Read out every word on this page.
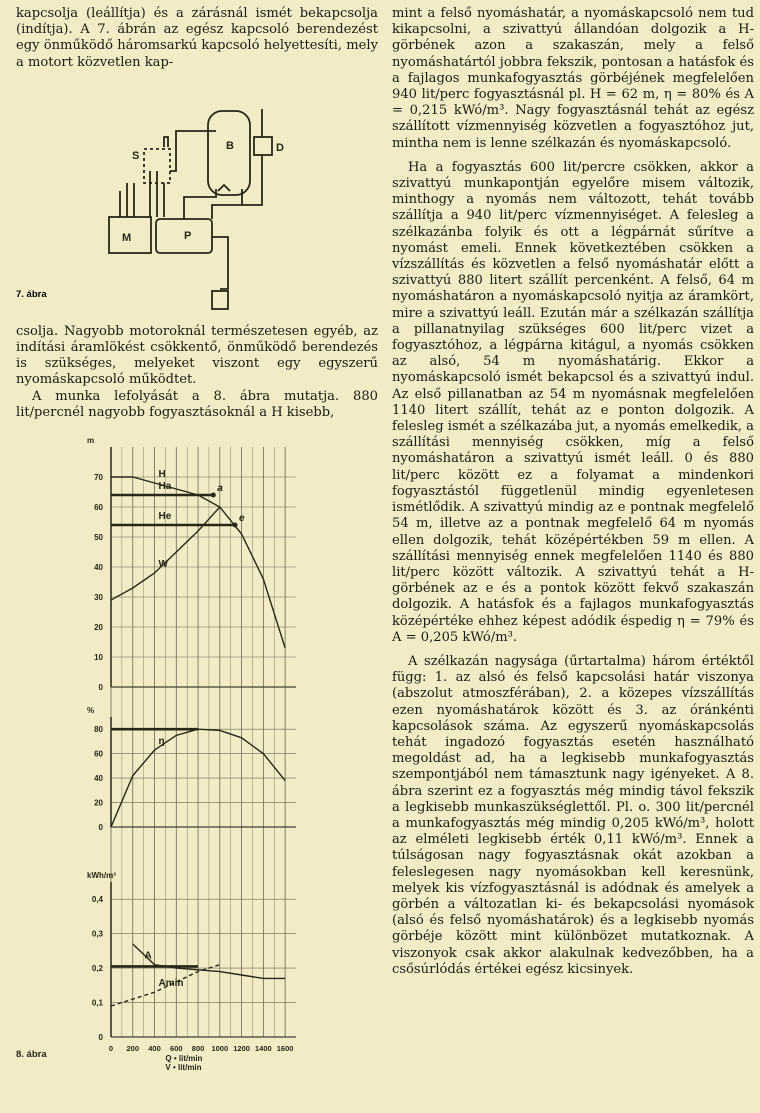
kapcsolja (leállítja) és a zárásnál ismét bekapcsolja (indítja). A 7. ábrán az egész kapcsoló berendezést egy önműködő háromsarkú kapcsoló helyettesíti, mely a motort közvetlen kap-

S
B	D
M	P
7. ábra

csolja. Nagyobb motoroknál természetesen egyéb, az indítási áramlökést csökkentő, önműködő berendezés is szükséges, melyeket viszont egy egyszerű nyomáskapcsoló működtet.

A munka lefolyását a 8. ábra mutatja. 880 lit/percnél nagyobb fogyasztásoknál a H kisebb,

0
10
20
30
40
50
60
70
m
H
Ha
He
W
a
e
0
20
40
60
80
%
η
0
0,1
0,2
0,3
0,4
kWh/m³
A
Amin
0 200 400 600 800 1000 1200 1400 1600
Q • lit/min
V • lit/min
8. ábra

mint a felső nyomáshatár, a nyomáskapcsoló nem tud kikapcsolni, a szivattyú állandóan dolgozik a H-görbének azon a szakaszán, mely a felső nyomáshatártól jobbra fekszik, pontosan a hatásfok és a fajlagos munkafogyasztás görbéjének megfelelően 940 lit/perc fogyasztásnál pl. H = 62 m, η = 80% és A = 0,215 kWó/m³. Nagy fogyasztásnál tehát az egész szállított vízmennyiség közvetlen a fogyasztóhoz jut, mintha nem is lenne szélkazán és nyomáskapcsoló.

Ha a fogyasztás 600 lit/percre csökken, akkor a szivattyú munkapontján egyelőre misem változik, minthogy a nyomás nem változott, tehát tovább szállítja a 940 lit/perc vízmennyiséget. A felesleg a szélkazánba folyik és ott a légpárnát sűrítve a nyomást emeli. Ennek következtében csökken a vízszállítás és közvetlen a felső nyomáshatár előtt a szivattyú 880 litert szállít percenként. A felső, 64 m nyomáshatáron a nyomáskapcsoló nyitja az áramkört, mire a szivattyú leáll. Ezután már a szélkazán szállítja a pillanatnyilag szükséges 600 lit/perc vizet a fogyasztóhoz, a légpárna kitágul, a nyomás csökken az alsó, 54 m nyomáshatárig. Ekkor a nyomáskapcsoló ismét bekapcsol és a szivattyú indul. Az első pillanatban az 54 m nyomásnak megfelelően 1140 litert szállít, tehát az e ponton dolgozik. A felesleg ismét a szélkazába jut, a nyomás emelkedik, a szállítási mennyiség csökken, míg a felső nyomáshatáron a szivattyú ismét leáll. 0 és 880 lit/perc között ez a folyamat a mindenkori fogyasztástól függetlenül mindig egyenletesen ismétlődik. A szivattyú mindig az e pontnak megfelelő 54 m, illetve az a pontnak megfelelő 64 m nyomás ellen dolgozik, tehát középértékben 59 m ellen. A szállítási mennyiség ennek megfelelően 1140 és 880 lit/perc között változik. A szivattyú tehát a H-görbének az e és a pontok között fekvő szakaszán dolgozik. A hatásfok és a fajlagos munkafogyasztás középértéke ehhez képest adódik éspedig η = 79% és A = 0,205 kWó/m³.

A szélkazán nagysága (űrtartalma) három értéktől függ: 1. az alsó és felső kapcsolási határ viszonya (abszolut atmoszférában), 2. a közepes vízszállítás ezen nyomáshatárok között és 3. az óránkénti kapcsolások száma. Az egyszerű nyomáskapcsolás tehát ingadozó fogyasztás esetén használható megoldást ad, ha a legkisebb munkafogyasztás szempontjából nem támasztunk nagy igényeket. A 8. ábra szerint ez a fogyasztás még mindig távol fekszik a legkisebb munkaszükséglettől. Pl. o. 300 lit/percnél a munkafogyasztás még mindig 0,205 kWó/m³, holott az elméleti legkisebb érték 0,11 kWó/m³. Ennek a túlságosan nagy fogyasztásnak okát azokban a feleslegesen nagy nyomásokban kell keresnünk, melyek kis vízfogyasztásnál is adódnak és amelyek a görbén a változatlan ki- és bekapcsolási nyomások (alsó és felső nyomáshatárok) és a legkisebb nyomás görbéje között mint különbözet mutatkoznak. A viszonyok csak akkor alakulnak kedvezőbben, ha a csősúrlódás értékei egész kicsinyek.
